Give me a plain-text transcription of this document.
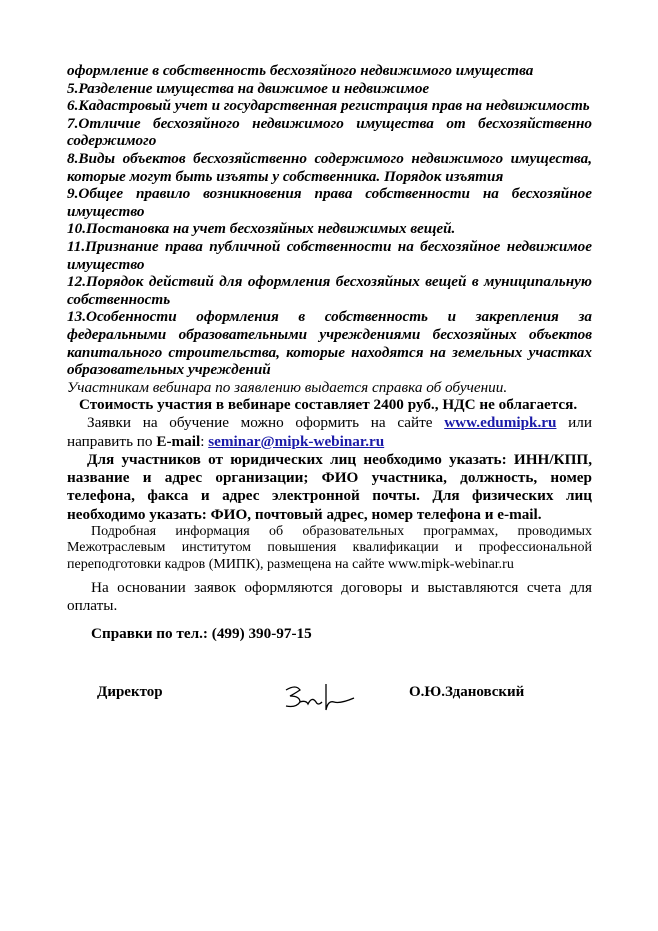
оформление в собственность бесхозяйного недвижимого имущества

5.Разделение имущества на движимое и недвижимое

6.Кадастровый учет и государственная регистрация прав на недвижимость

7.Отличие бесхозяйного недвижимого имущества от бесхозяйственно содержимого

8.Виды объектов бесхозяйственно содержимого недвижимого имущества, которые могут быть изъяты у собственника. Порядок изъятия

9.Общее правило возникновения права собственности на бесхозяйное имущество

10.Постановка на учет бесхозяйных недвижимых вещей.

11.Признание права публичной собственности на бесхозяйное недвижимое имущество

12.Порядок действий для оформления бесхозяйных вещей в муниципальную собственность

13.Особенности оформления в собственность и закрепления за федеральными образовательными учреждениями бесхозяйных объектов капитального строительства, которые находятся на земельных участках образовательных учреждений

Участникам вебинара по заявлению выдается справка об обучении.

Стоимость участия в вебинаре составляет 2400 руб., НДС не облагается.

Заявки на обучение можно оформить на сайте www.edumipk.ru или направить по E-mail: seminar@mipk-webinar.ru

Для участников от юридических лиц необходимо указать: ИНН/КПП, название и адрес организации; ФИО участника, должность, номер телефона, факса и адрес электронной почты. Для физических лиц необходимо указать: ФИО, почтовый адрес, номер телефона и e-mail.

Подробная информация об образовательных программах, проводимых Межотраслевым институтом повышения квалификации и профессиональной переподготовки кадров (МИПК), размещена на сайте www.mipk-webinar.ru

На основании заявок оформляются договоры и выставляются счета для оплаты.

Справки по тел.: (499) 390-97-15

Директор	О.Ю.Здановский
